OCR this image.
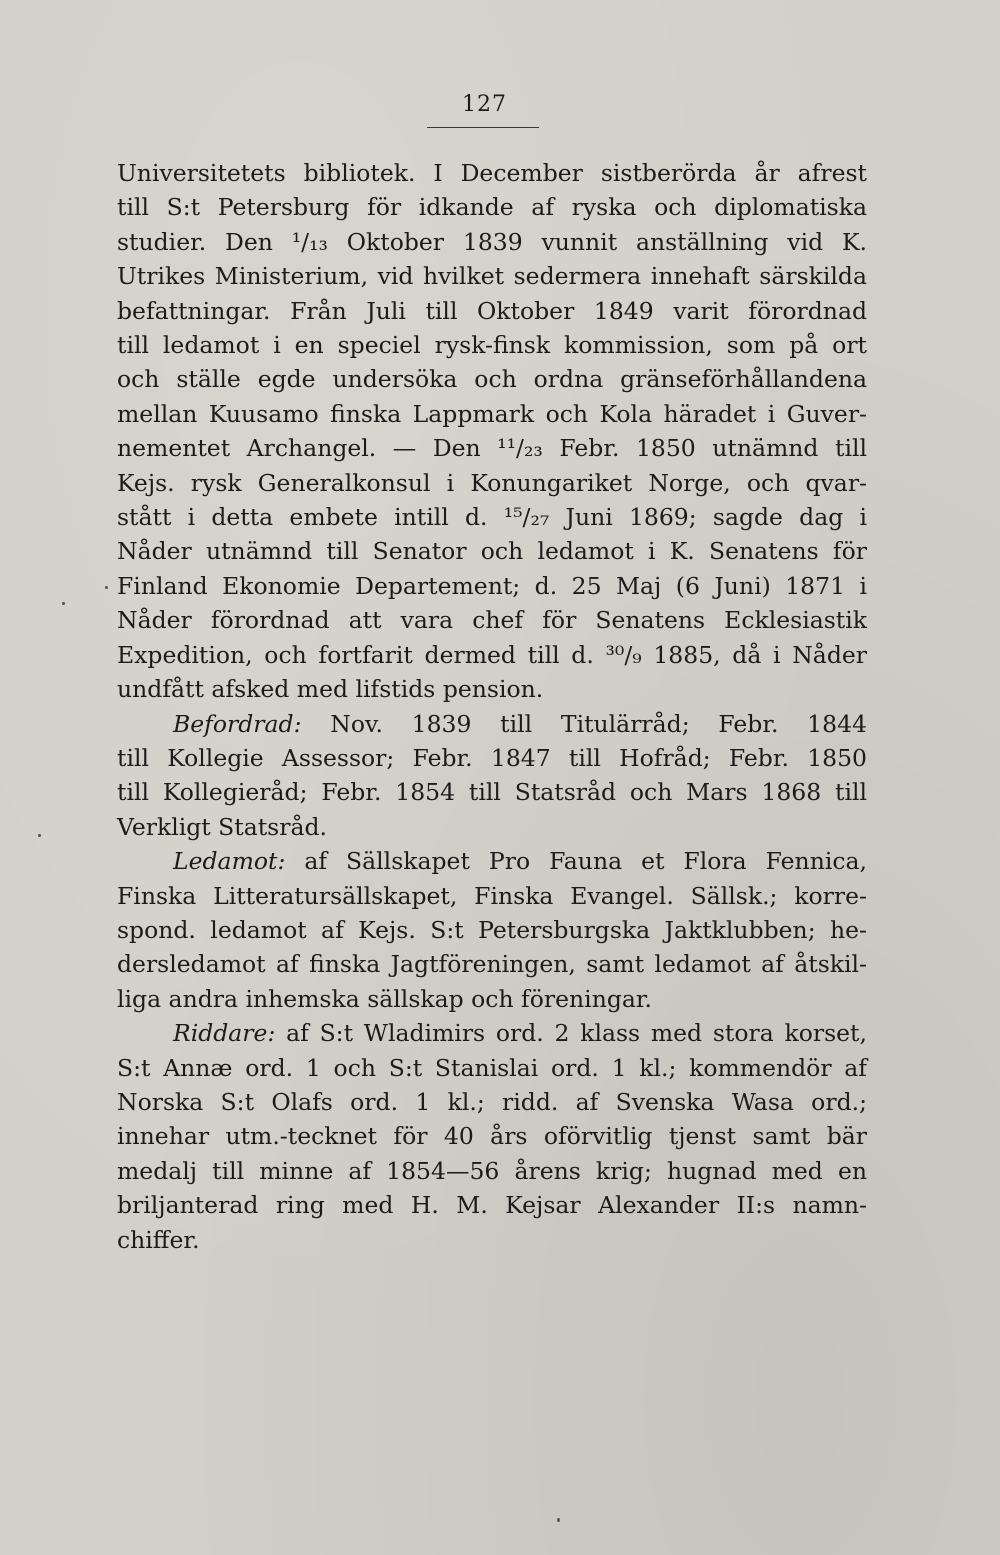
127
Universitetets bibliotek. I December sistberörda år afrest
till S:t Petersburg för idkande af ryska och diplomatiska
studier. Den ¹/₁₃ Oktober 1839 vunnit anställning vid K.
Utrikes Ministerium, vid hvilket sedermera innehaft särskilda
befattningar. Från Juli till Oktober 1849 varit förordnad
till ledamot i en speciel rysk-finsk kommission, som på ort
och ställe egde undersöka och ordna gränseförhållandena
mellan Kuusamo finska Lappmark och Kola häradet i Guver-
nementet Archangel. — Den ¹¹/₂₃ Febr. 1850 utnämnd till
Kejs. rysk Generalkonsul i Konungariket Norge, och qvar-
stått i detta embete intill d. ¹⁵/₂₇ Juni 1869; sagde dag i
Nåder utnämnd till Senator och ledamot i K. Senatens för
Finland Ekonomie Departement; d. 25 Maj (6 Juni) 1871 i
Nåder förordnad att vara chef för Senatens Ecklesiastik
Expedition, och fortfarit dermed till d. ³⁰/₉ 1885, då i Nåder
undfått afsked med lifstids pension.
Befordrad: Nov. 1839 till Titulärråd; Febr. 1844
till Kollegie Assessor; Febr. 1847 till Hofråd; Febr. 1850
till Kollegieråd; Febr. 1854 till Statsråd och Mars 1868 till
Verkligt Statsråd.
Ledamot: af Sällskapet Pro Fauna et Flora Fennica,
Finska Litteratursällskapet, Finska Evangel. Sällsk.; korre-
spond. ledamot af Kejs. S:t Petersburgska Jaktklubben; he-
dersledamot af finska Jagtföreningen, samt ledamot af åtskil-
liga andra inhemska sällskap och föreningar.
Riddare: af S:t Wladimirs ord. 2 klass med stora korset,
S:t Annæ ord. 1 och S:t Stanislai ord. 1 kl.; kommendör af
Norska S:t Olafs ord. 1 kl.; ridd. af Svenska Wasa ord.;
innehar utm.-tecknet för 40 års oförvitlig tjenst samt bär
medalj till minne af 1854—56 årens krig; hugnad med en
briljanterad ring med H. M. Kejsar Alexander II:s namn-
chiffer.
